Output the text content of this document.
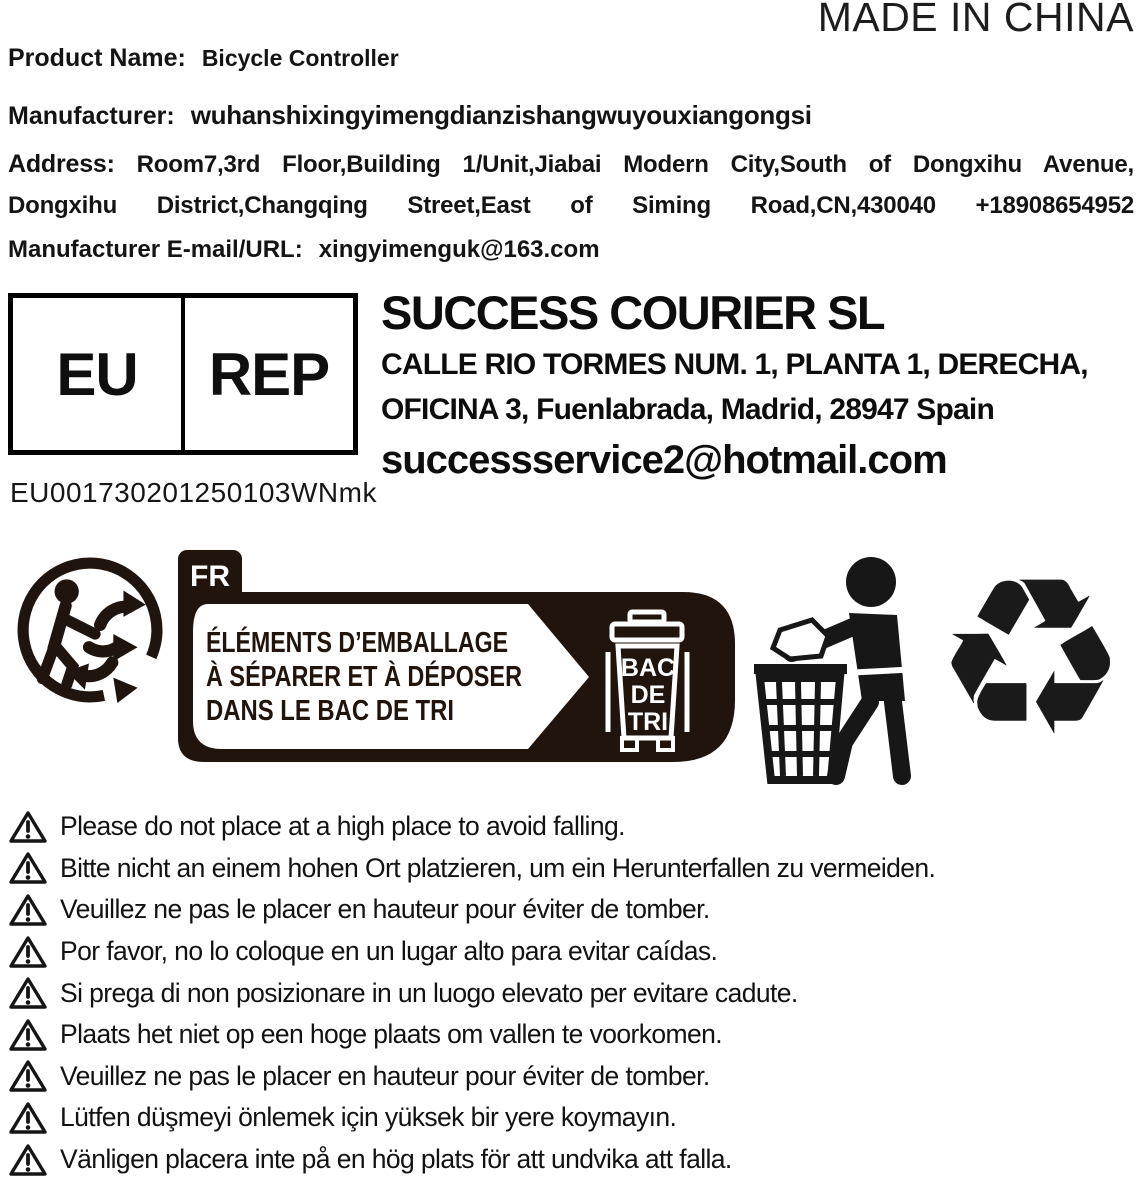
MADE IN CHINA
Product Name: Bicycle Controller
Manufacturer: wuhanshixingyimengdianzishangwuyouxiangongsi
Address: Room7,3rd Floor,Building 1/Unit,Jiabai Modern City,South of Dongxihu Avenue,
Dongxihu District,Changqing Street,East of Siming Road,CN,430040 +18908654952
Manufacturer E-mail/URL: xingyimenguk@163.com
EU	REP
EU001730201250103WNmk
SUCCESS COURIER SL
CALLE RIO TORMES NUM. 1, PLANTA 1, DERECHA,
OFICINA 3, Fuenlabrada, Madrid, 28947 Spain
successservice2@hotmail.com
FR
ÉLÉMENTS D’EMBALLAGE
À SÉPARER ET À DÉPOSER
DANS LE BAC DE TRI
BAC
DE
TRI ♻
Please do not place at a high place to avoid falling.
Bitte nicht an einem hohen Ort platzieren, um ein Herunterfallen zu vermeiden.
Veuillez ne pas le placer en hauteur pour éviter de tomber.
Por favor, no lo coloque en un lugar alto para evitar caídas.
Si prega di non posizionare in un luogo elevato per evitare cadute.
Plaats het niet op een hoge plaats om vallen te voorkomen.
Veuillez ne pas le placer en hauteur pour éviter de tomber.
Lütfen düşmeyi önlemek için yüksek bir yere koymayın.
Vänligen placera inte på en hög plats för att undvika att falla.
